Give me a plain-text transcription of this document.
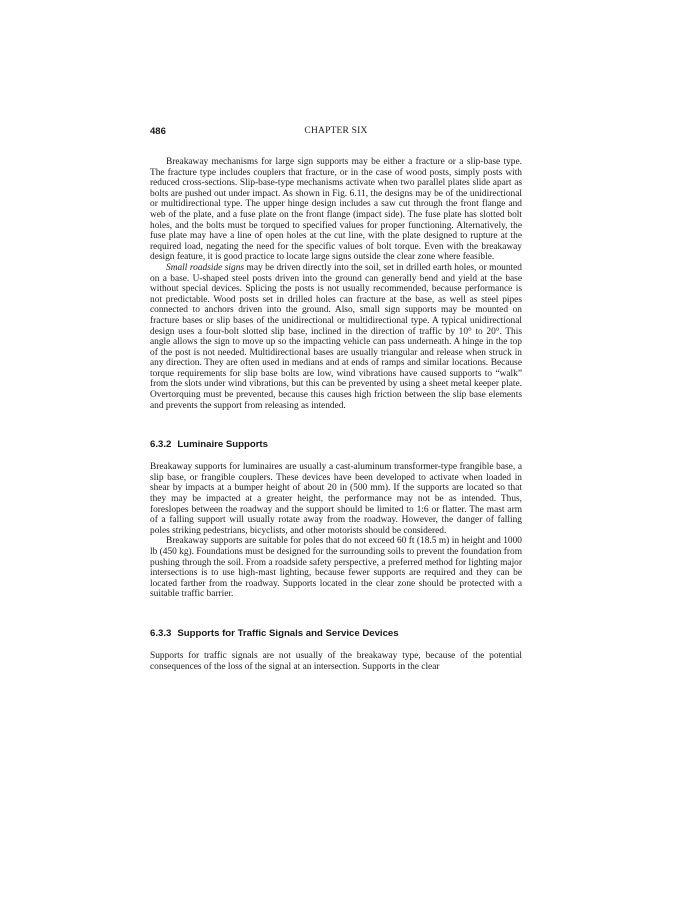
486	CHAPTER SIX

Breakaway mechanisms for large sign supports may be either a fracture or a slip-base type. The fracture type includes couplers that fracture, or in the case of wood posts, simply posts with reduced cross-sections. Slip-base-type mechanisms activate when two parallel plates slide apart as bolts are pushed out under impact. As shown in Fig. 6.11, the designs may be of the unidirectional or multidirectional type. The upper hinge design includes a saw cut through the front flange and web of the plate, and a fuse plate on the front flange (impact side). The fuse plate has slotted bolt holes, and the bolts must be torqued to specified values for proper functioning. Alternatively, the fuse plate may have a line of open holes at the cut line, with the plate designed to rupture at the required load, negating the need for the specific values of bolt torque. Even with the breakaway design feature, it is good practice to locate large signs outside the clear zone where feasible.

Small roadside signs may be driven directly into the soil, set in drilled earth holes, or mounted on a base. U-shaped steel posts driven into the ground can generally bend and yield at the base without special devices. Splicing the posts is not usually recommended, because performance is not predictable. Wood posts set in drilled holes can fracture at the base, as well as steel pipes connected to anchors driven into the ground. Also, small sign supports may be mounted on fracture bases or slip bases of the unidirectional or multidirectional type. A typical unidirectional design uses a four-bolt slotted slip base, inclined in the direction of traffic by 10° to 20°. This angle allows the sign to move up so the impacting vehicle can pass underneath. A hinge in the top of the post is not needed. Multidirectional bases are usually triangular and release when struck in any direction. They are often used in medians and at ends of ramps and similar locations. Because torque requirements for slip base bolts are low, wind vibrations have caused supports to “walk” from the slots under wind vibrations, but this can be prevented by using a sheet metal keeper plate. Overtorquing must be prevented, because this causes high friction between the slip base elements and prevents the support from releasing as intended.

6.3.2 Luminaire Supports

Breakaway supports for luminaires are usually a cast-aluminum transformer-type frangible base, a slip base, or frangible couplers. These devices have been developed to activate when loaded in shear by impacts at a bumper height of about 20 in (500 mm). If the supports are located so that they may be impacted at a greater height, the performance may not be as intended. Thus, foreslopes between the roadway and the support should be limited to 1:6 or flatter. The mast arm of a falling support will usually rotate away from the roadway. However, the danger of falling poles striking pedestrians, bicyclists, and other motorists should be considered.

Breakaway supports are suitable for poles that do not exceed 60 ft (18.5 m) in height and 1000 lb (450 kg). Foundations must be designed for the surrounding soils to prevent the foundation from pushing through the soil. From a roadside safety perspective, a preferred method for lighting major intersections is to use high-mast lighting, because fewer supports are required and they can be located farther from the roadway. Supports located in the clear zone should be protected with a suitable traffic barrier.

6.3.3 Supports for Traffic Signals and Service Devices

Supports for traffic signals are not usually of the breakaway type, because of the potential consequences of the loss of the signal at an intersection. Supports in the clear
